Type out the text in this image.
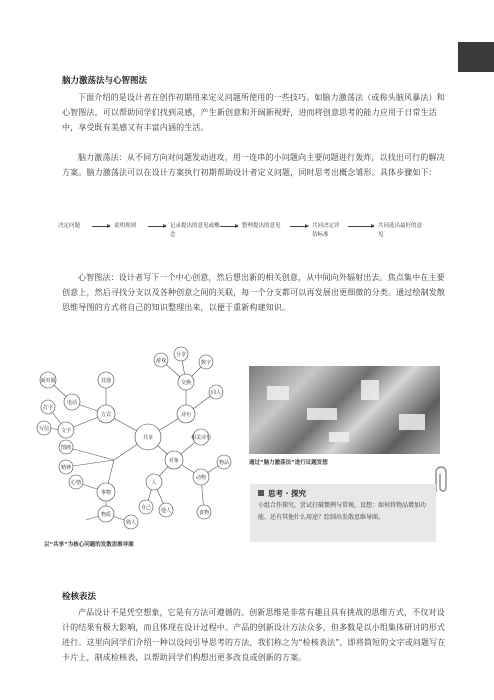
脑力激荡法与心智图法
下面介绍的是设计者在创作初期用来定义问题所使用的一些技巧。如脑力激荡法（或称头脑风暴法）和心智图法，可以帮助同学们找到灵感，产生新创意和开阔新视野，进而将创意思考的能力应用于日常生活中，享受既有美感又有丰富内涵的生活。
脑力激荡法：从不同方向对问题发动进攻，用一连串的小问题向主要问题进行轰炸，以找出可行的解决方案。脑力激荡法可以在设计方案执行初期帮助设计者定义问题，同时思考出概念雏形。具体步骤如下：
决定问题	说明规则	记录提出的意见或概念
整理提出的意见	共同决定评估标准
共同选出最好的意见
心智图法：设计者写下一个中心创意，然后想出新的相关创意，从中间向外辐射出去。焦点集中在主要创意上，然后寻找分支以及各种创意之间的关联，每一个分支都可以再发展出更细微的分类。通过绘制发散思维导图的方式将自己的知识整理出来，以便于重新构建知识。
共享
方式
其他
电话
面对面
文字
打字
写信
图画
精神
事物
心情
物质
熟人
诗句
交换
游戏
分享
数字
同人
对象
相关诗句
人
自己 他人
动物
物品
食物
通过“脑力激荡法”进行议题发想
思考 · 探究
小组合作探究，尝试打破惯例与常规，设想：如何将物品增加功能，还有其他什么用途？绘制出发散思维导图。
以“共享”为核心问题的发散思维导图
检核表法
产品设计不是凭空想象，它是有方法可遵循的。创新思维是非常有趣且具有挑战的思维方式，不仅对设计的结果有极大影响，而且体现在设计过程中。产品的创新设计方法众多，但多数是以小组集体研讨的形式进行。这里向同学们介绍一种以设问引导思考的方法，我们称之为“检核表法”，即将简短的文字或问题写在卡片上，制成检核表，以帮助同学们构想出更多改良或创新的方案。
